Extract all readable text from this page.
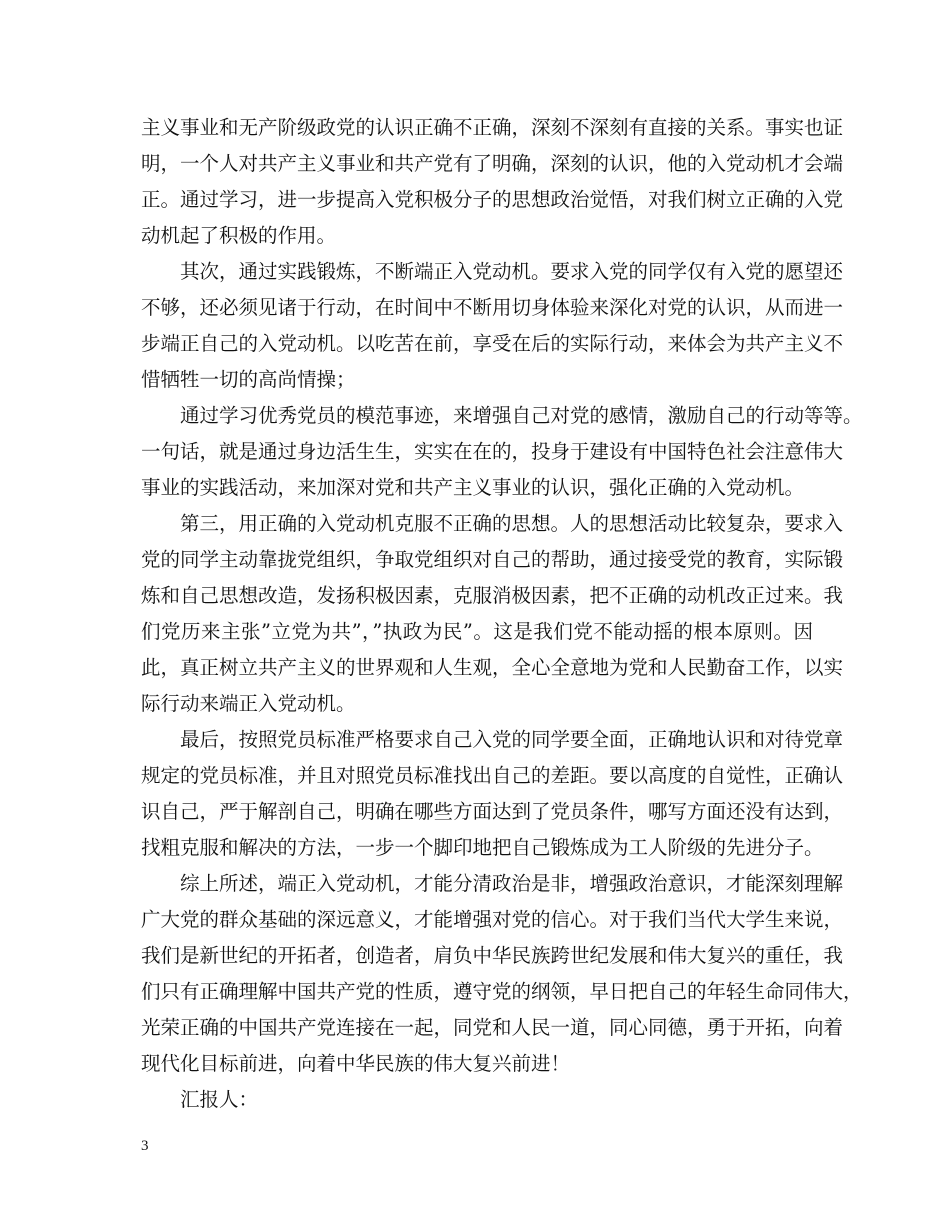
主义事业和无产阶级政党的认识正确不正确，深刻不深刻有直接的关系。事实也证
明，一个人对共产主义事业和共产党有了明确，深刻的认识，他的入党动机才会端
正。通过学习，进一步提高入党积极分子的思想政治觉悟，对我们树立正确的入党
动机起了积极的作用。
其次，通过实践锻炼，不断端正入党动机。要求入党的同学仅有入党的愿望还
不够，还必须见诸于行动，在时间中不断用切身体验来深化对党的认识，从而进一
步端正自己的入党动机。以吃苦在前，享受在后的实际行动，来体会为共产主义不
惜牺牲一切的高尚情操；
通过学习优秀党员的模范事迹，来增强自己对党的感情，激励自己的行动等等。
一句话，就是通过身边活生生，实实在在的，投身于建设有中国特色社会注意伟大
事业的实践活动，来加深对党和共产主义事业的认识，强化正确的入党动机。
第三，用正确的入党动机克服不正确的思想。人的思想活动比较复杂，要求入
党的同学主动靠拢党组织，争取党组织对自己的帮助，通过接受党的教育，实际锻
炼和自己思想改造，发扬积极因素，克服消极因素，把不正确的动机改正过来。我
们党历来主张”立党为共”，”执政为民”。这是我们党不能动摇的根本原则。因
此，真正树立共产主义的世界观和人生观，全心全意地为党和人民勤奋工作，以实
际行动来端正入党动机。
最后，按照党员标准严格要求自己入党的同学要全面，正确地认识和对待党章
规定的党员标准，并且对照党员标准找出自己的差距。要以高度的自觉性，正确认
识自己，严于解剖自己，明确在哪些方面达到了党员条件，哪写方面还没有达到，
找粗克服和解决的方法，一步一个脚印地把自己锻炼成为工人阶级的先进分子。
综上所述，端正入党动机，才能分清政治是非，增强政治意识，才能深刻理解
广大党的群众基础的深远意义，才能增强对党的信心。对于我们当代大学生来说，
我们是新世纪的开拓者，创造者，肩负中华民族跨世纪发展和伟大复兴的重任，我
们只有正确理解中国共产党的性质，遵守党的纲领，早日把自己的年轻生命同伟大，
光荣正确的中国共产党连接在一起，同党和人民一道，同心同德，勇于开拓，向着
现代化目标前进，向着中华民族的伟大复兴前进！
汇报人：
3
